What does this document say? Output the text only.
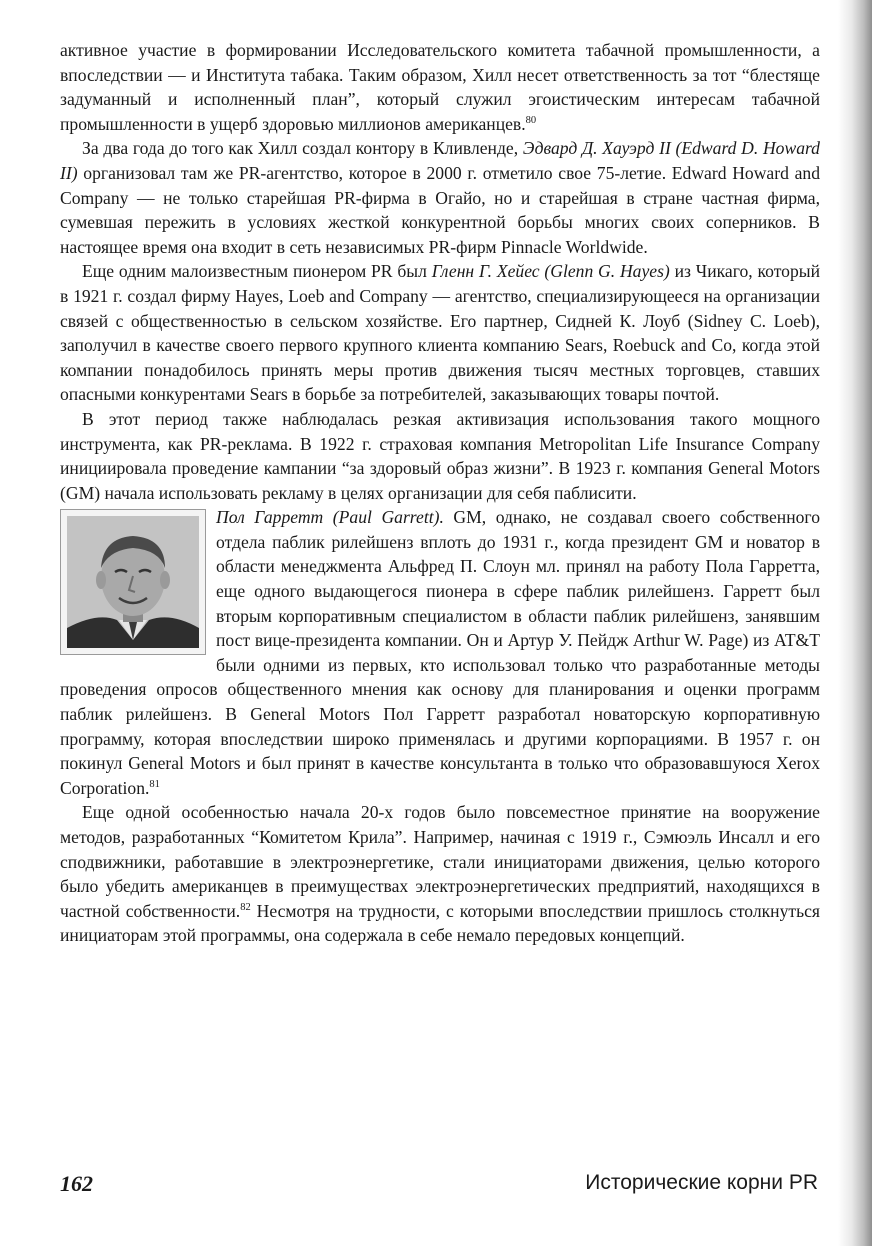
активное участие в формировании Исследовательского комитета табачной промышленности, а впоследствии — и Института табака. Таким образом, Хилл несет ответственность за тот “блестяще задуманный и исполненный план”, который служил эгоистическим интересам табачной промышленности в ущерб здоровью миллионов американцев.$^{80}$

За два года до того как Хилл создал контору в Кливленде, Эдвард Д. Хауэрд II (Edward D. Howard II) организовал там же PR-агентство, которое в 2000 г. отметило свое 75-летие. Edward Howard and Company — не только старейшая PR-фирма в Огайо, но и старейшая в стране частная фирма, сумевшая пережить в условиях жесткой конкурентной борьбы многих своих соперников. В настоящее время она входит в сеть независимых PR-фирм Pinnacle Worldwide.

Еще одним малоизвестным пионером PR был Гленн Г. Хейес (Glenn G. Hayes) из Чикаго, который в 1921 г. создал фирму Hayes, Loeb and Company — агентство, специализирующееся на организации связей с общественностью в сельском хозяйстве. Его партнер, Сидней К. Лоуб (Sidney C. Loeb), заполучил в качестве своего первого крупного клиента компанию Sears, Roebuck and Co, когда этой компании понадобилось принять меры против движения тысяч местных торговцев, ставших опасными конкурентами Sears в борьбе за потребителей, заказывающих товары почтой.

В этот период также наблюдалась резкая активизация использования такого мощного инструмента, как PR-реклама. В 1922 г. страховая компания Metropolitan Life Insurance Company инициировала проведение кампании “за здоровый образ жизни”. В 1923 г. компания General Motors (GM) начала использовать рекламу в целях организации для себя паблисити.

Пол Гарретт (Paul Garrett). GM, однако, не создавал своего собственного отдела паблик рилейшенз вплоть до 1931 г., когда президент GM и новатор в области менеджмента Альфред П. Слоун мл. принял на работу Пола Гарретта, еще одного выдающегося пионера в сфере паблик рилейшенз. Гарретт был вторым корпоративным специалистом в области паблик рилейшенз, занявшим пост вице-президента компании. Он и Артур У. Пейдж Arthur W. Page) из AT&T были одними из первых, кто использовал только что разработанные методы проведения опросов общественного мнения как основу для планирования и оценки программ паблик рилейшенз. В General Motors Пол Гарретт разработал новаторскую корпоративную программу, которая впоследствии широко применялась и другими корпорациями. В 1957 г. он покинул General Motors и был принят в качестве консультанта в только что образовавшуюся Xerox Corporation.$^{81}$

Еще одной особенностью начала 20-х годов было повсеместное принятие на вооружение методов, разработанных “Комитетом Крила”. Например, начиная с 1919 г., Сэмюэль Инсалл и его сподвижники, работавшие в электроэнергетике, стали инициаторами движения, целью которого было убедить американцев в преимуществах электроэнергетических предприятий, находящихся в частной собственности.$^{82}$ Несмотря на трудности, с которыми впоследствии пришлось столкнуться инициаторам этой программы, она содержала в себе немало передовых концепций.

162	Исторические корни PR
